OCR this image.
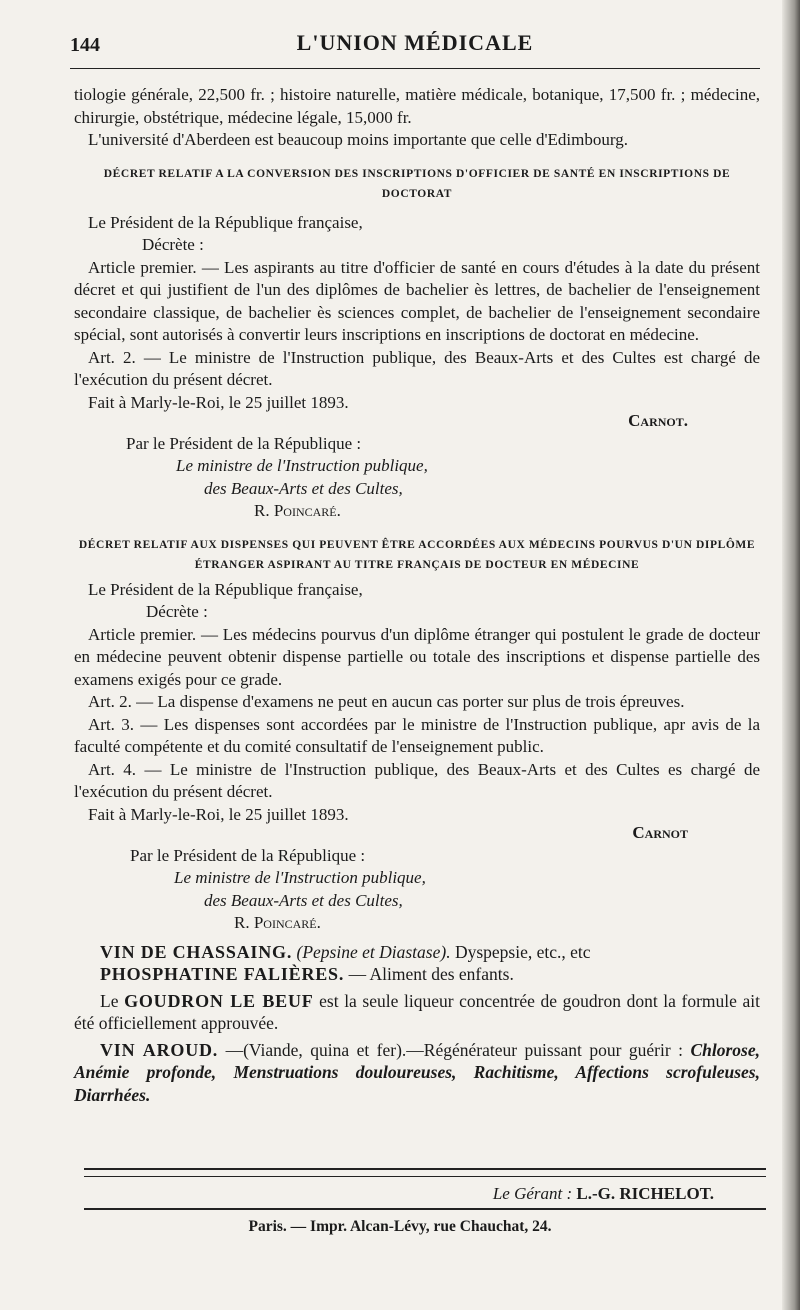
144	L'UNION MÉDICALE

tiologie générale, 22,500 fr. ; histoire naturelle, matière médicale, botanique, 17,500 fr. ; médecine, chirurgie, obstétrique, médecine légale, 15,000 fr.

L'université d'Aberdeen est beaucoup moins importante que celle d'Edimbourg.

DÉCRET RELATIF A LA CONVERSION DES INSCRIPTIONS D'OFFICIER DE SANTÉ EN INSCRIPTIONS DE DOCTORAT

Le Président de la République française,

Décrète :

Article premier. — Les aspirants au titre d'officier de santé en cours d'études à la date du présent décret et qui justifient de l'un des diplômes de bachelier ès lettres, de bachelier de l'enseignement secondaire classique, de bachelier ès sciences complet, de bachelier de l'enseignement secondaire spécial, sont autorisés à convertir leurs inscriptions en inscriptions de doctorat en médecine.

Art. 2. — Le ministre de l'Instruction publique, des Beaux-Arts et des Cultes est chargé de l'exécution du présent décret.

Fait à Marly-le-Roi, le 25 juillet 1893.

Carnot.

Par le Président de la République :

Le ministre de l'Instruction publique,

des Beaux-Arts et des Cultes,

R. Poincaré.

DÉCRET RELATIF AUX DISPENSES QUI PEUVENT ÊTRE ACCORDÉES AUX MÉDECINS POURVUS D'UN DIPLÔME ÉTRANGER ASPIRANT AU TITRE FRANÇAIS DE DOCTEUR EN MÉDECINE

Le Président de la République française,

Décrète :

Article premier. — Les médecins pourvus d'un diplôme étranger qui postulent le grade de docteur en médecine peuvent obtenir dispense partielle ou totale des inscriptions et dispense partielle des examens exigés pour ce grade.

Art. 2. — La dispense d'examens ne peut en aucun cas porter sur plus de trois épreuves.

Art. 3. — Les dispenses sont accordées par le ministre de l'Instruction publique, apr avis de la faculté compétente et du comité consultatif de l'enseignement public.

Art. 4. — Le ministre de l'Instruction publique, des Beaux-Arts et des Cultes es chargé de l'exécution du présent décret.

Fait à Marly-le-Roi, le 25 juillet 1893.

Carnot

Par le Président de la République :

Le ministre de l'Instruction publique,

des Beaux-Arts et des Cultes,

R. Poincaré.

VIN DE CHASSAING. (Pepsine et Diastase). Dyspepsie, etc., etc

PHOSPHATINE FALIÈRES. — Aliment des enfants.

Le GOUDRON LE BEUF est la seule liqueur concentrée de goudron dont la formule ait été officiellement approuvée.

VIN AROUD. —(Viande, quina et fer).—Régénérateur puissant pour guérir : Chlorose, Anémie profonde, Menstruations douloureuses, Rachitisme, Affections scrofuleuses, Diarrhées.

Le Gérant : L.-G. RICHELOT.
Paris. — Impr. Alcan-Lévy, rue Chauchat, 24.
